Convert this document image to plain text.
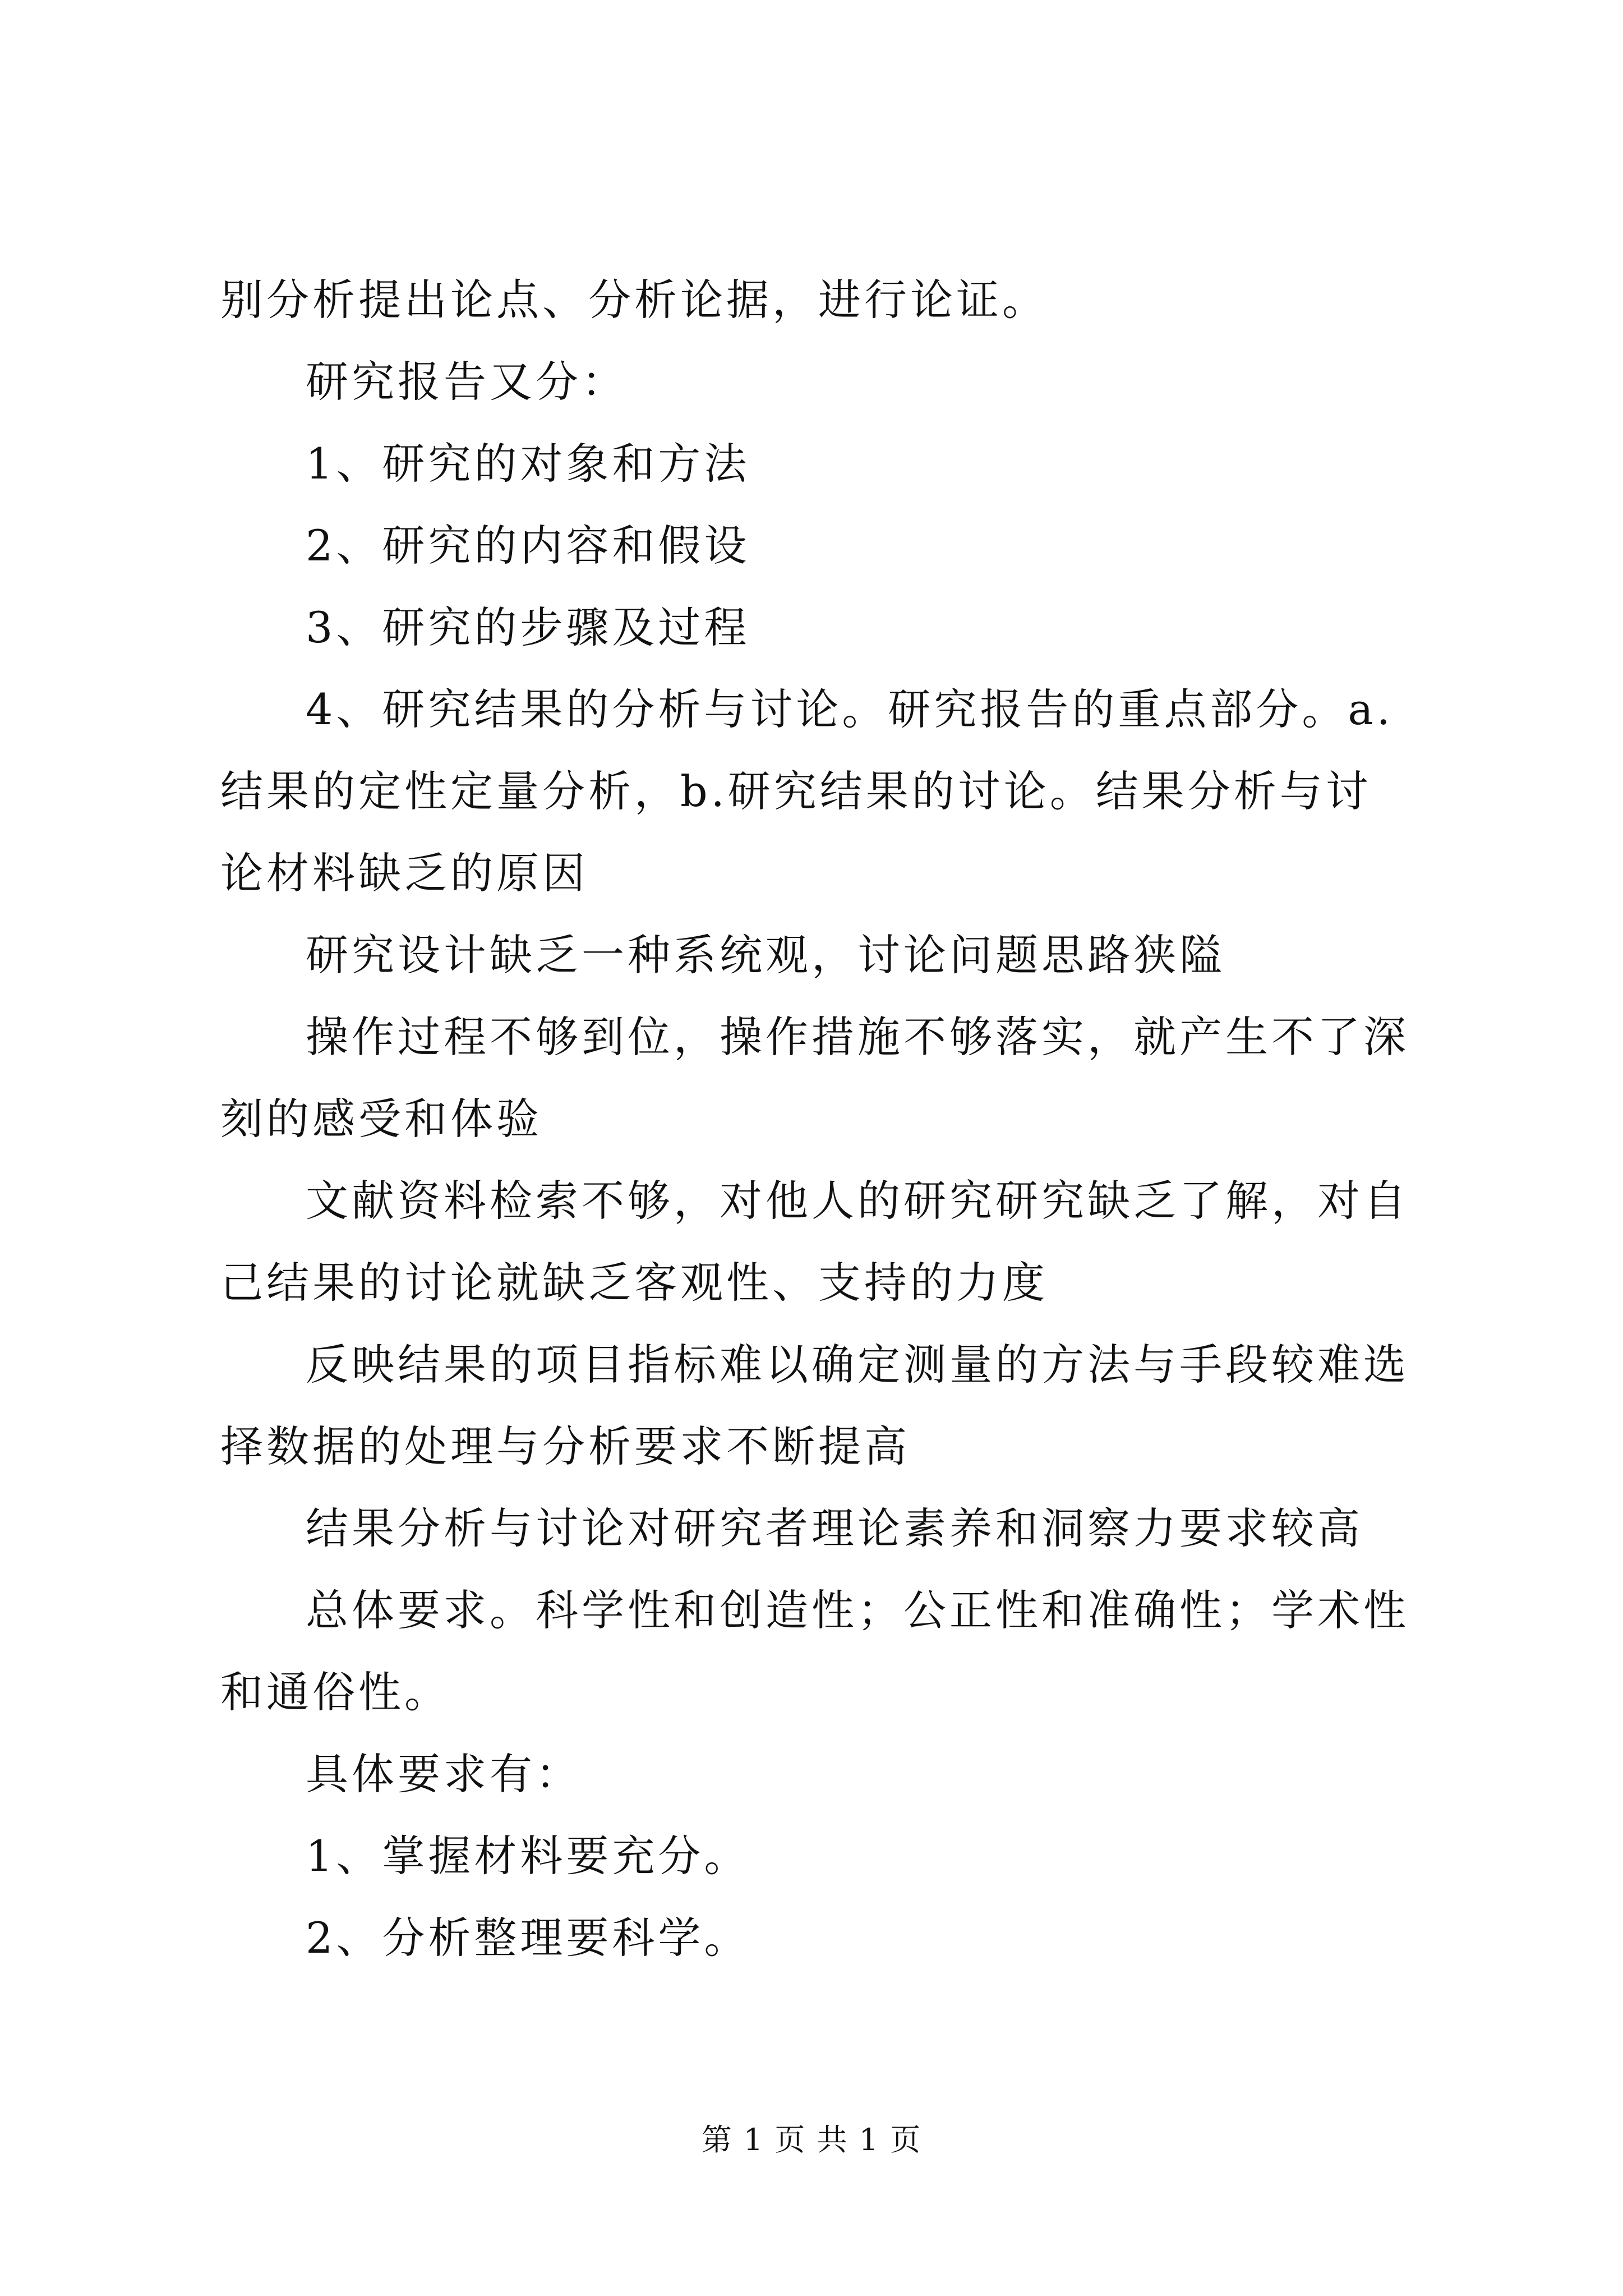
别分析提出论点、分析论据，进行论证。

研究报告又分：

1、研究的对象和方法

2、研究的内容和假设

3、研究的步骤及过程

4、研究结果的分析与讨论。研究报告的重点部分。a.结果的定性定量分析，b.研究结果的讨论。结果分析与讨论材料缺乏的原因

研究设计缺乏一种系统观，讨论问题思路狭隘

操作过程不够到位，操作措施不够落实，就产生不了深刻的感受和体验

文献资料检索不够，对他人的研究研究缺乏了解，对自己结果的讨论就缺乏客观性、支持的力度

反映结果的项目指标难以确定测量的方法与手段较难选择数据的处理与分析要求不断提高

结果分析与讨论对研究者理论素养和洞察力要求较高

总体要求。科学性和创造性；公正性和准确性；学术性和通俗性。

具体要求有：

1、掌握材料要充分。

2、分析整理要科学。

第 1 页 共 1 页
